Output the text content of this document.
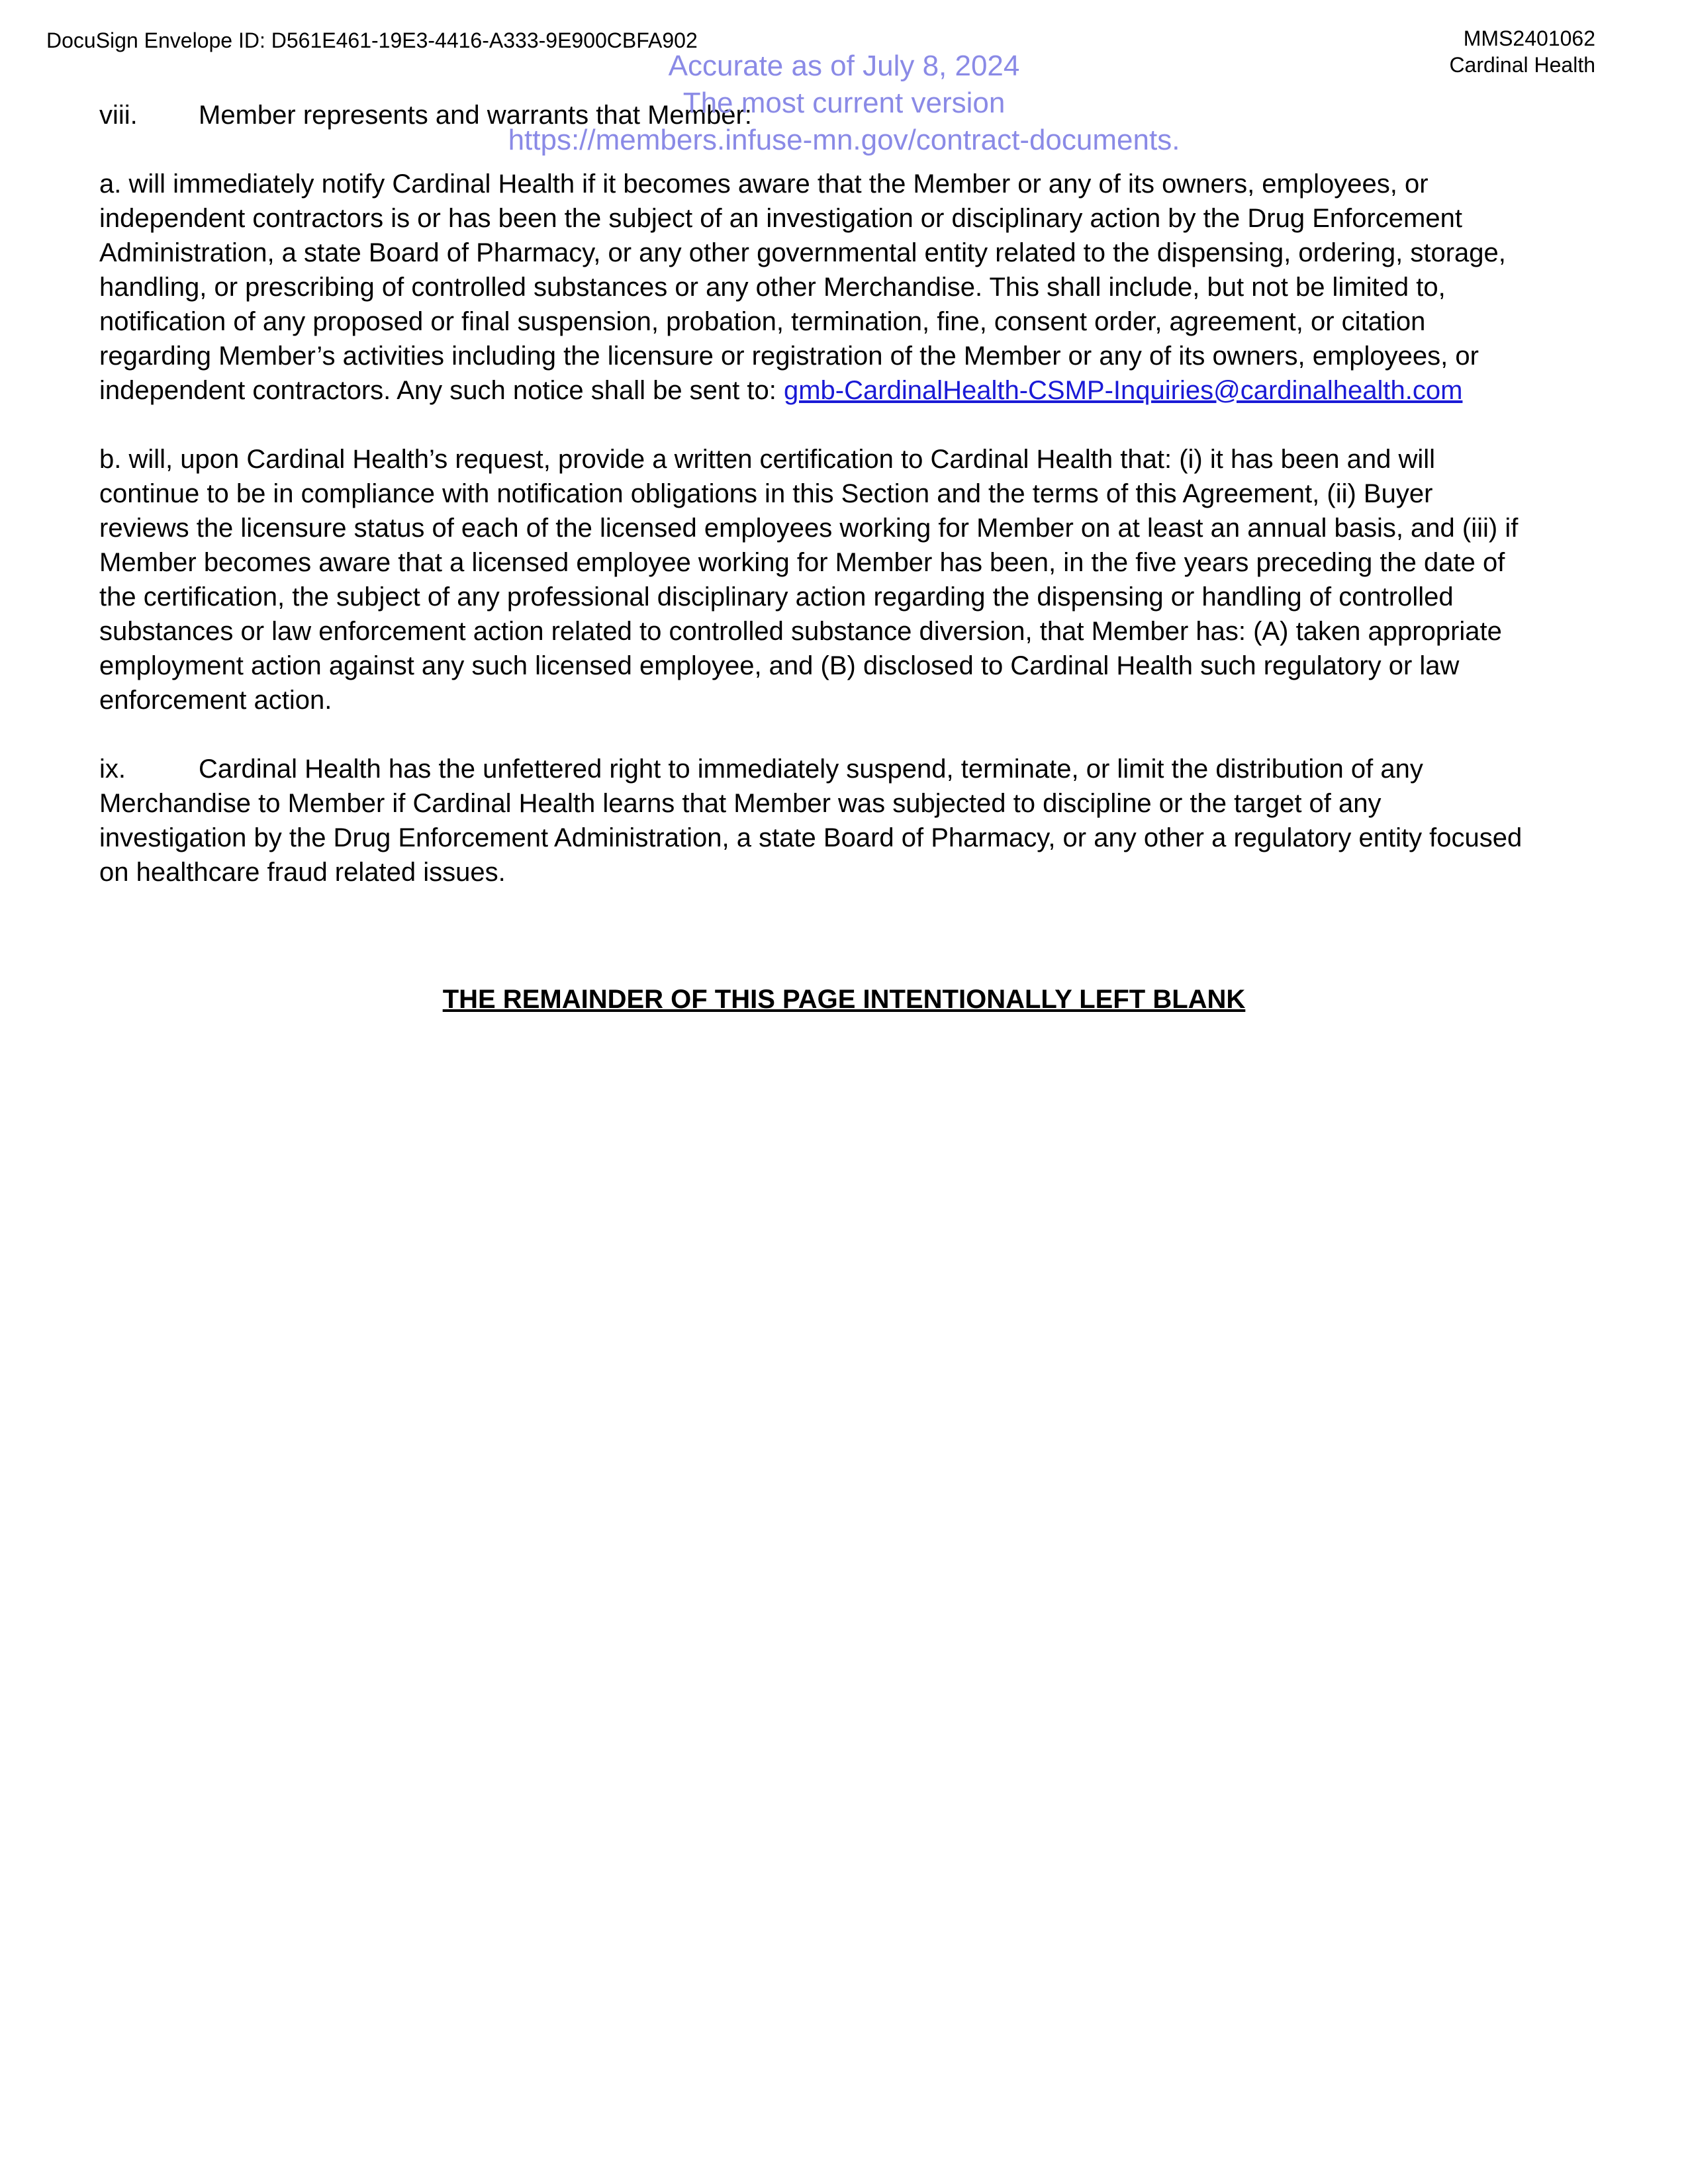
DocuSign Envelope ID: D561E461-19E3-4416-A333-9E900CBFA902	MMS2401062
Cardinal Health
Accurate as of July 8, 2024
The most current version
https://members.infuse-mn.gov/contract-documents.
viii. Member represents and warrants that Member:
a. will immediately notify Cardinal Health if it becomes aware that the Member or any of its owners, employees, or
independent contractors is or has been the subject of an investigation or disciplinary action by the Drug Enforcement
Administration, a state Board of Pharmacy, or any other governmental entity related to the dispensing, ordering, storage,
handling, or prescribing of controlled substances or any other Merchandise. This shall include, but not be limited to,
notification of any proposed or final suspension, probation, termination, fine, consent order, agreement, or citation
regarding Member’s activities including the licensure or registration of the Member or any of its owners, employees, or
independent contractors. Any such notice shall be sent to: gmb-CardinalHealth-CSMP-Inquiries@cardinalhealth.com
b. will, upon Cardinal Health’s request, provide a written certification to Cardinal Health that: (i) it has been and will
continue to be in compliance with notification obligations in this Section and the terms of this Agreement, (ii) Buyer
reviews the licensure status of each of the licensed employees working for Member on at least an annual basis, and (iii) if
Member becomes aware that a licensed employee working for Member has been, in the five years preceding the date of
the certification, the subject of any professional disciplinary action regarding the dispensing or handling of controlled
substances or law enforcement action related to controlled substance diversion, that Member has: (A) taken appropriate
employment action against any such licensed employee, and (B) disclosed to Cardinal Health such regulatory or law
enforcement action.
ix.	Cardinal Health has the unfettered right to immediately suspend, terminate, or limit the distribution of any
Merchandise to Member if Cardinal Health learns that Member was subjected to discipline or the target of any
investigation by the Drug Enforcement Administration, a state Board of Pharmacy, or any other a regulatory entity focused
on healthcare fraud related issues.
THE REMAINDER OF THIS PAGE INTENTIONALLY LEFT BLANK
